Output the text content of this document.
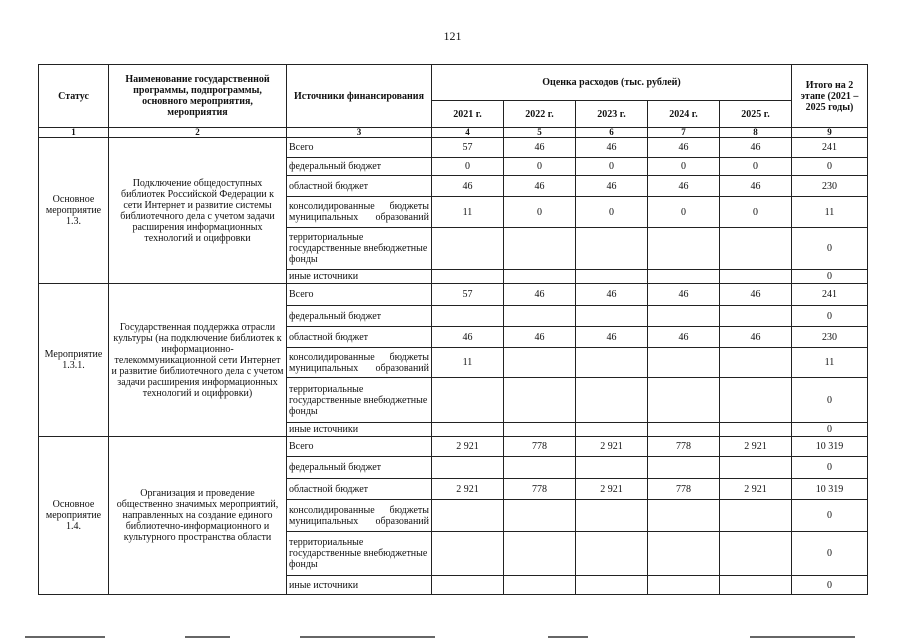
121
Статус	Наименование государственной программы, подпрограммы, основного мероприятия, мероприятия	Источники финансирования	Оценка расходов (тыс. рублей)					Итого на 2 этапе (2021 – 2025 годы)
			2021 г.	2022 г.	2023 г.	2024 г.	2025 г.	
1	2	3	4	5	6	7	8	9
Основное мероприятие 1.3.	Подключение общедоступных библиотек Российской Федерации к сети Интернет и развитие системы библиотечного дела с учетом задачи расширения информационных технологий и оцифровки	Всего	57	46	46	46	46	241
		федеральный бюджет	0	0	0	0	0	0
		областной бюджет	46	46	46	46	46	230
		консолидированные бюджеты муниципальных образований	11	0	0	0	0	11
		территориальные государственные внебюджетные фонды						0
		иные источники						0
Мероприятие 1.3.1.	Государственная поддержка отрасли культуры (на подключение библиотек к информационно-телекоммуникационной сети Интернет и развитие библиотечного дела с учетом задачи расширения информационных технологий и оцифровки)	Всего	57	46	46	46	46	241
		федеральный бюджет						0
		областной бюджет	46	46	46	46	46	230
		консолидированные бюджеты муниципальных образований	11					11
		территориальные государственные внебюджетные фонды						0
		иные источники						0
Основное мероприятие 1.4.	Организация и проведение общественно значимых мероприятий, направленных на создание единого библиотечно-информационного и культурного пространства области	Всего	2 921	778	2 921	778	2 921	10 319
		федеральный бюджет						0
		областной бюджет	2 921	778	2 921	778	2 921	10 319
		консолидированные бюджеты муниципальных образований						0
		территориальные государственные внебюджетные фонды						0
		иные источники						0
